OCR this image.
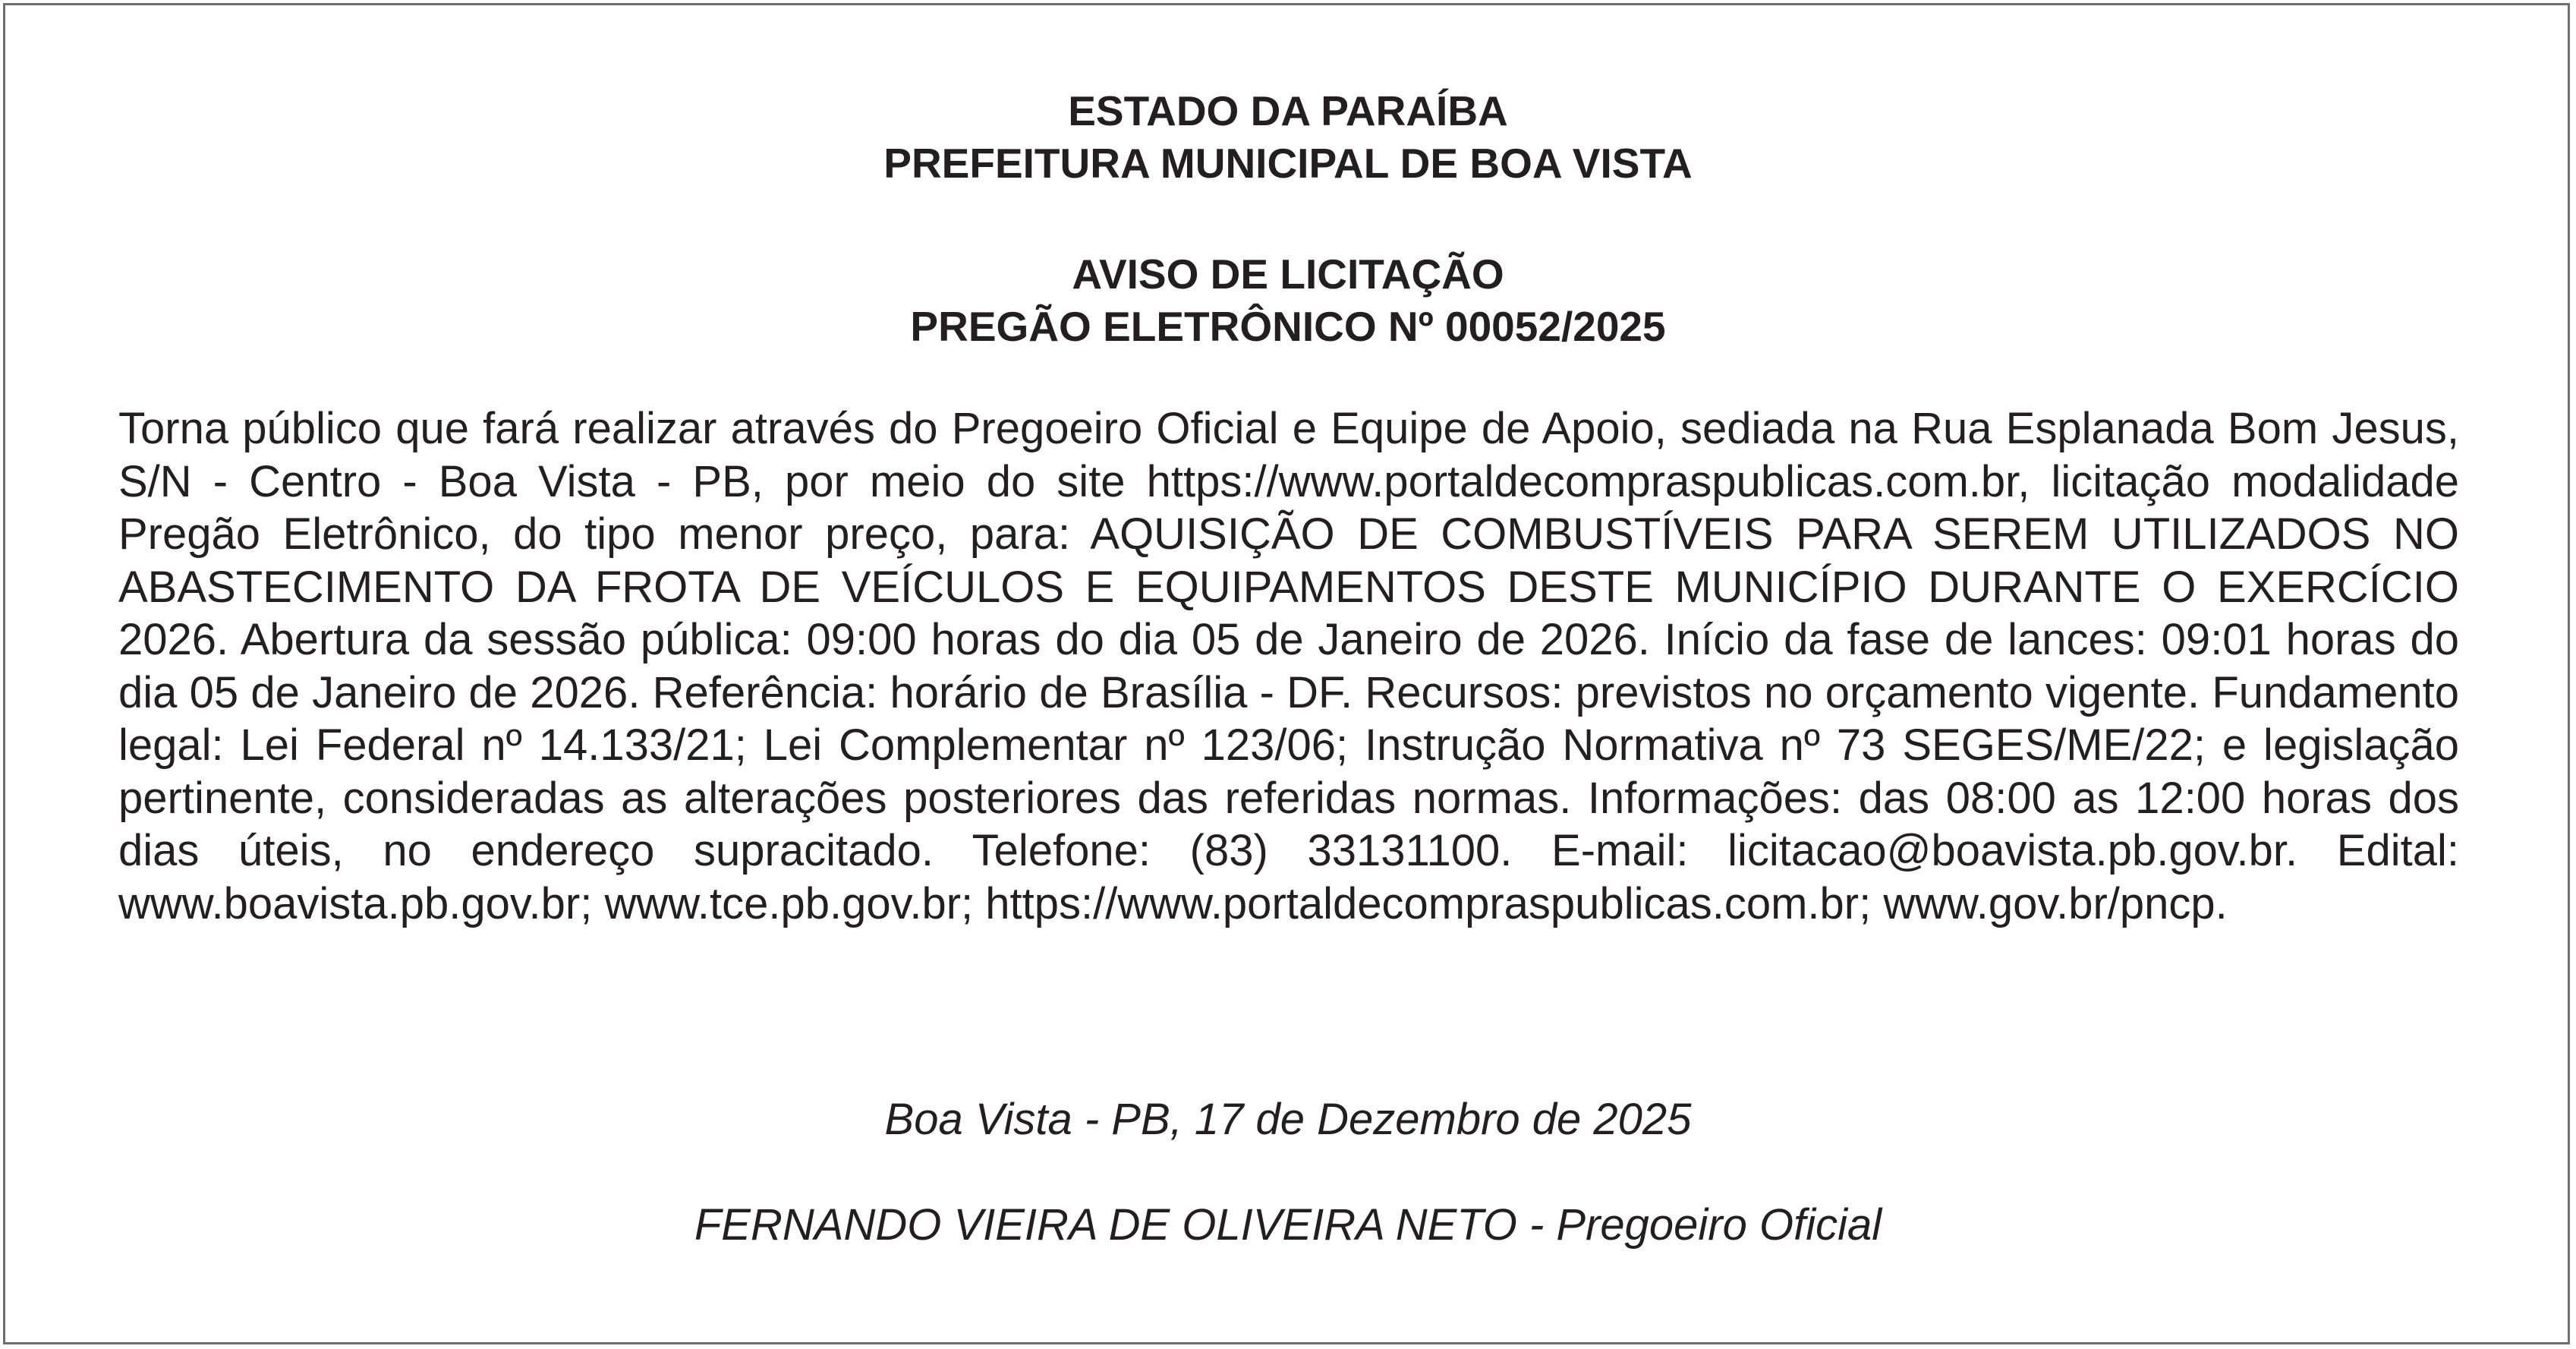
ESTADO DA PARAÍBA
PREFEITURA MUNICIPAL DE BOA VISTA
AVISO DE LICITAÇÃO
PREGÃO ELETRÔNICO Nº 00052/2025
Torna público que fará realizar através do Pregoeiro Oficial e Equipe de Apoio, sediada na Rua Esplanada Bom Jesus, S/N - Centro - Boa Vista - PB, por meio do site https://www.portaldecompraspublicas.com.br, licitação modalidade Pregão Eletrônico, do tipo menor preço, para: AQUISIÇÃO DE COMBUSTÍVEIS PARA SEREM UTILIZADOS NO ABASTECIMENTO DA FROTA DE VEÍCULOS E EQUIPAMENTOS DESTE MUNICÍPIO DURANTE O EXERCÍCIO 2026. Abertura da sessão pública: 09:00 horas do dia 05 de Janeiro de 2026. Início da fase de lances: 09:01 horas do dia 05 de Janeiro de 2026. Referência: horário de Brasília - DF. Recursos: previstos no orçamento vigente. Fundamento legal: Lei Federal nº 14.133/21; Lei Complementar nº 123/06; Instrução Normativa nº 73 SEGES/ME/22; e legislação pertinente, consideradas as alterações posteriores das referidas normas. Informações: das 08:00 as 12:00 horas dos dias úteis, no endereço supracitado. Telefone: (83) 33131100. E-mail: licitacao@boavista.pb.gov.br. Edital: www.boavista.pb.gov.br; www.tce.pb.gov.br; https://www.portaldecompraspublicas.com.br; www.gov.br/pncp.
Boa Vista - PB, 17 de Dezembro de 2025
FERNANDO VIEIRA DE OLIVEIRA NETO - Pregoeiro Oficial
